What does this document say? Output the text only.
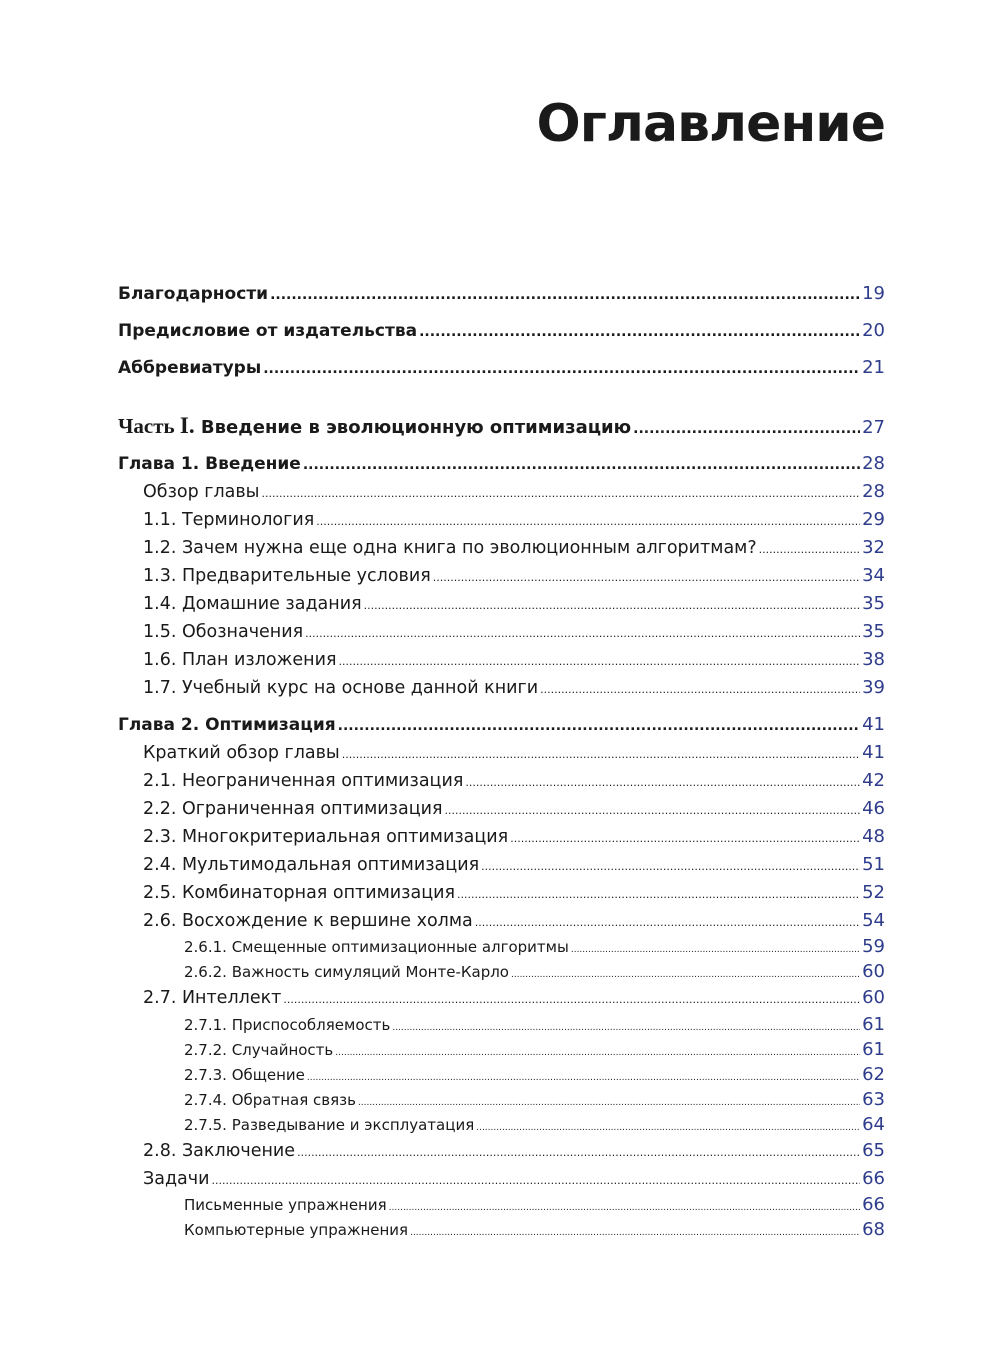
Оглавление
Благодарности .....	19
Предисловие от издательства .....	20
Аббревиатуры .....	21
Часть I. Введение в эволюционную оптимизацию .....	27
Глава 1. Введение .....	28
Обзор главы .....	28
1.1. Терминология .....	29
1.2. Зачем нужна еще одна книга по эволюционным алгоритмам? .....	32
1.3. Предварительные условия .....	34
1.4. Домашние задания .....	35
1.5. Обозначения .....	35
1.6. План изложения .....	38
1.7. Учебный курс на основе данной книги .....	39
Глава 2. Оптимизация .....	41
Краткий обзор главы .....	41
2.1. Неограниченная оптимизация .....	42
2.2. Ограниченная оптимизация .....	46
2.3. Многокритериальная оптимизация .....	48
2.4. Мультимодальная оптимизация .....	51
2.5. Комбинаторная оптимизация .....	52
2.6. Восхождение к вершине холма .....	54
2.6.1. Смещенные оптимизационные алгоритмы .....	59
2.6.2. Важность симуляций Монте-Карло .....	60
2.7. Интеллект .....	60
2.7.1. Приспособляемость .....	61
2.7.2. Случайность .....	61
2.7.3. Общение .....	62
2.7.4. Обратная связь .....	63
2.7.5. Разведывание и эксплуатация .....	64
2.8. Заключение .....	65
Задачи .....	66
Письменные упражнения .....	66
Компьютерные упражнения .....	68
